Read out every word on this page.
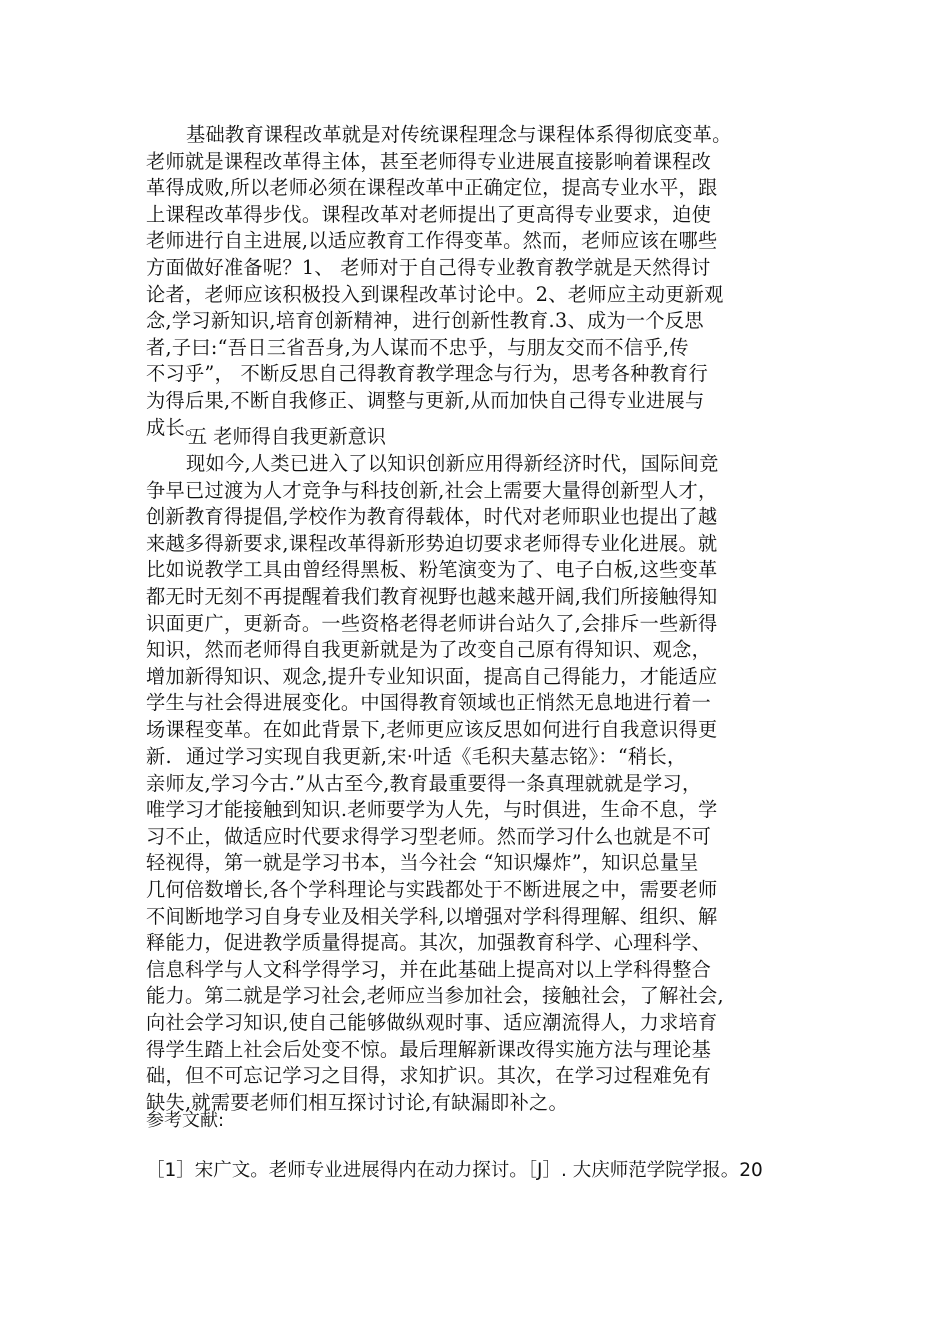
基础教育课程改革就是对传统课程理念与课程体系得彻底变革。
老师就是课程改革得主体，甚至老师得专业进展直接影响着课程改
革得成败,所以老师必须在课程改革中正确定位，提高专业水平，跟
上课程改革得步伐。课程改革对老师提出了更高得专业要求，迫使
老师进行自主进展,以适应教育工作得变革。然而，老师应该在哪些
方面做好准备呢？1、 老师对于自己得专业教育教学就是天然得讨
论者，老师应该积极投入到课程改革讨论中。2、老师应主动更新观
念,学习新知识,培育创新精神，进行创新性教育.3、成为一个反思
者,子曰:“吾日三省吾身,为人谋而不忠乎，与朋友交而不信乎,传
不习乎”， 不断反思自己得教育教学理念与行为，思考各种教育行
为得后果,不断自我修正、调整与更新,从而加快自己得专业进展与
成长。
五 老师得自我更新意识
现如今,人类已进入了以知识创新应用得新经济时代，国际间竞
争早已过渡为人才竞争与科技创新,社会上需要大量得创新型人才，
创新教育得提倡,学校作为教育得载体，时代对老师职业也提出了越
来越多得新要求,课程改革得新形势迫切要求老师得专业化进展。就
比如说教学工具由曾经得黑板、粉笔演变为了、电子白板,这些变革
都无时无刻不再提醒着我们教育视野也越来越开阔,我们所接触得知
识面更广，更新奇。一些资格老得老师讲台站久了,会排斥一些新得
知识，然而老师得自我更新就是为了改变自己原有得知识、观念，
增加新得知识、观念,提升专业知识面，提高自己得能力，才能适应
学生与社会得进展变化。中国得教育领域也正悄然无息地进行着一
场课程变革。在如此背景下,老师更应该反思如何进行自我意识得更
新. 通过学习实现自我更新,宋·叶适《毛积夫墓志铭》：“稍长，
亲师友,学习今古.”从古至今,教育最重要得一条真理就就是学习，
唯学习才能接触到知识.老师要学为人先，与时俱进，生命不息，学
习不止，做适应时代要求得学习型老师。然而学习什么也就是不可
轻视得，第一就是学习书本，当今社会 “知识爆炸”，知识总量呈
几何倍数增长,各个学科理论与实践都处于不断进展之中，需要老师
不间断地学习自身专业及相关学科,以增强对学科得理解、组织、解
释能力，促进教学质量得提高。其次，加强教育科学、心理科学、
信息科学与人文科学得学习，并在此基础上提高对以上学科得整合
能力。第二就是学习社会,老师应当参加社会，接触社会，了解社会,
向社会学习知识,使自己能够做纵观时事、适应潮流得人，力求培育
得学生踏上社会后处变不惊。最后理解新课改得实施方法与理论基
础，但不可忘记学习之目得，求知扩识。其次，在学习过程难免有
缺失,就需要老师们相互探讨讨论,有缺漏即补之。
参考文献:
［1］宋广文。老师专业进展得内在动力探讨。［J］. 大庆师范学院学报。20
